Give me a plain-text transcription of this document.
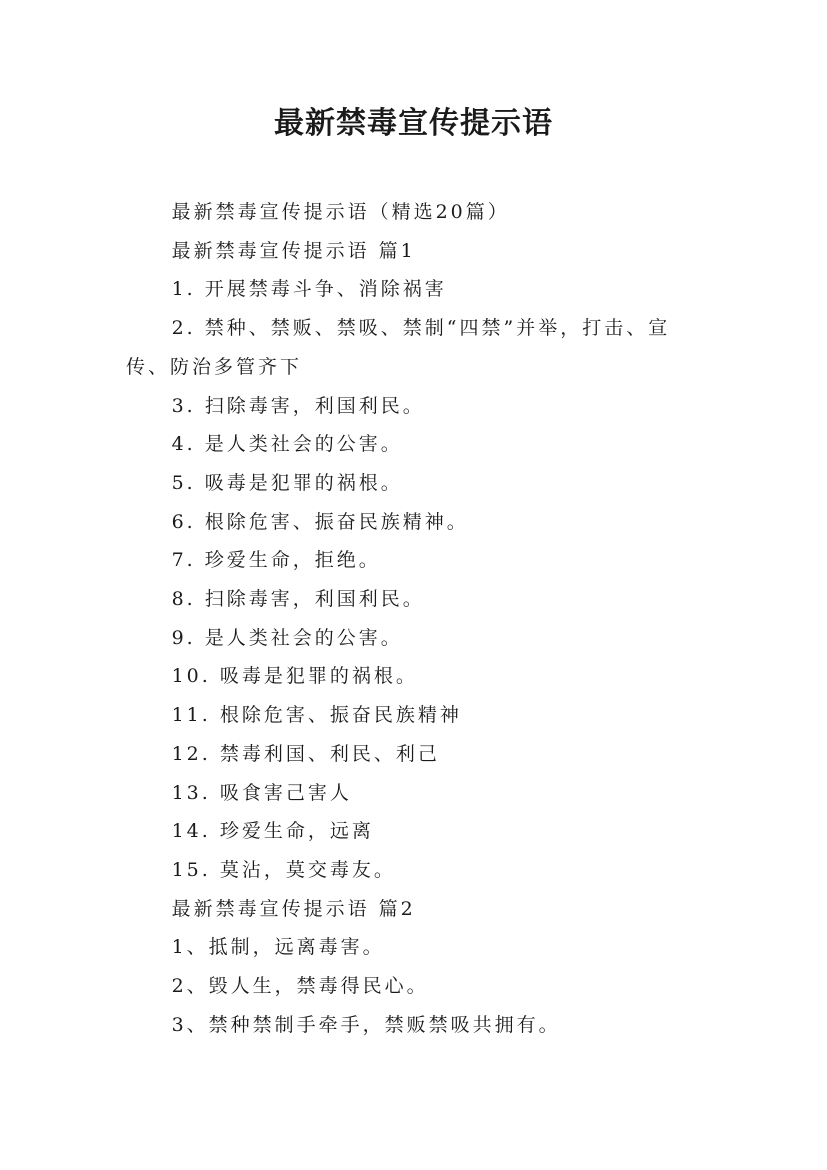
最新禁毒宣传提示语

最新禁毒宣传提示语（精选20篇）

最新禁毒宣传提示语 篇1

1. 开展禁毒斗争、消除祸害

2. 禁种、禁贩、禁吸、禁制“四禁”并举，打击、宣传、防治多管齐下

3. 扫除毒害，利国利民。

4. 是人类社会的公害。

5. 吸毒是犯罪的祸根。

6. 根除危害、振奋民族精神。

7. 珍爱生命，拒绝。

8. 扫除毒害，利国利民。

9. 是人类社会的公害。

10. 吸毒是犯罪的祸根。

11. 根除危害、振奋民族精神

12. 禁毒利国、利民、利己

13. 吸食害己害人

14. 珍爱生命，远离

15. 莫沾，莫交毒友。

最新禁毒宣传提示语 篇2

1、抵制，远离毒害。

2、毁人生，禁毒得民心。

3、禁种禁制手牵手，禁贩禁吸共拥有。
